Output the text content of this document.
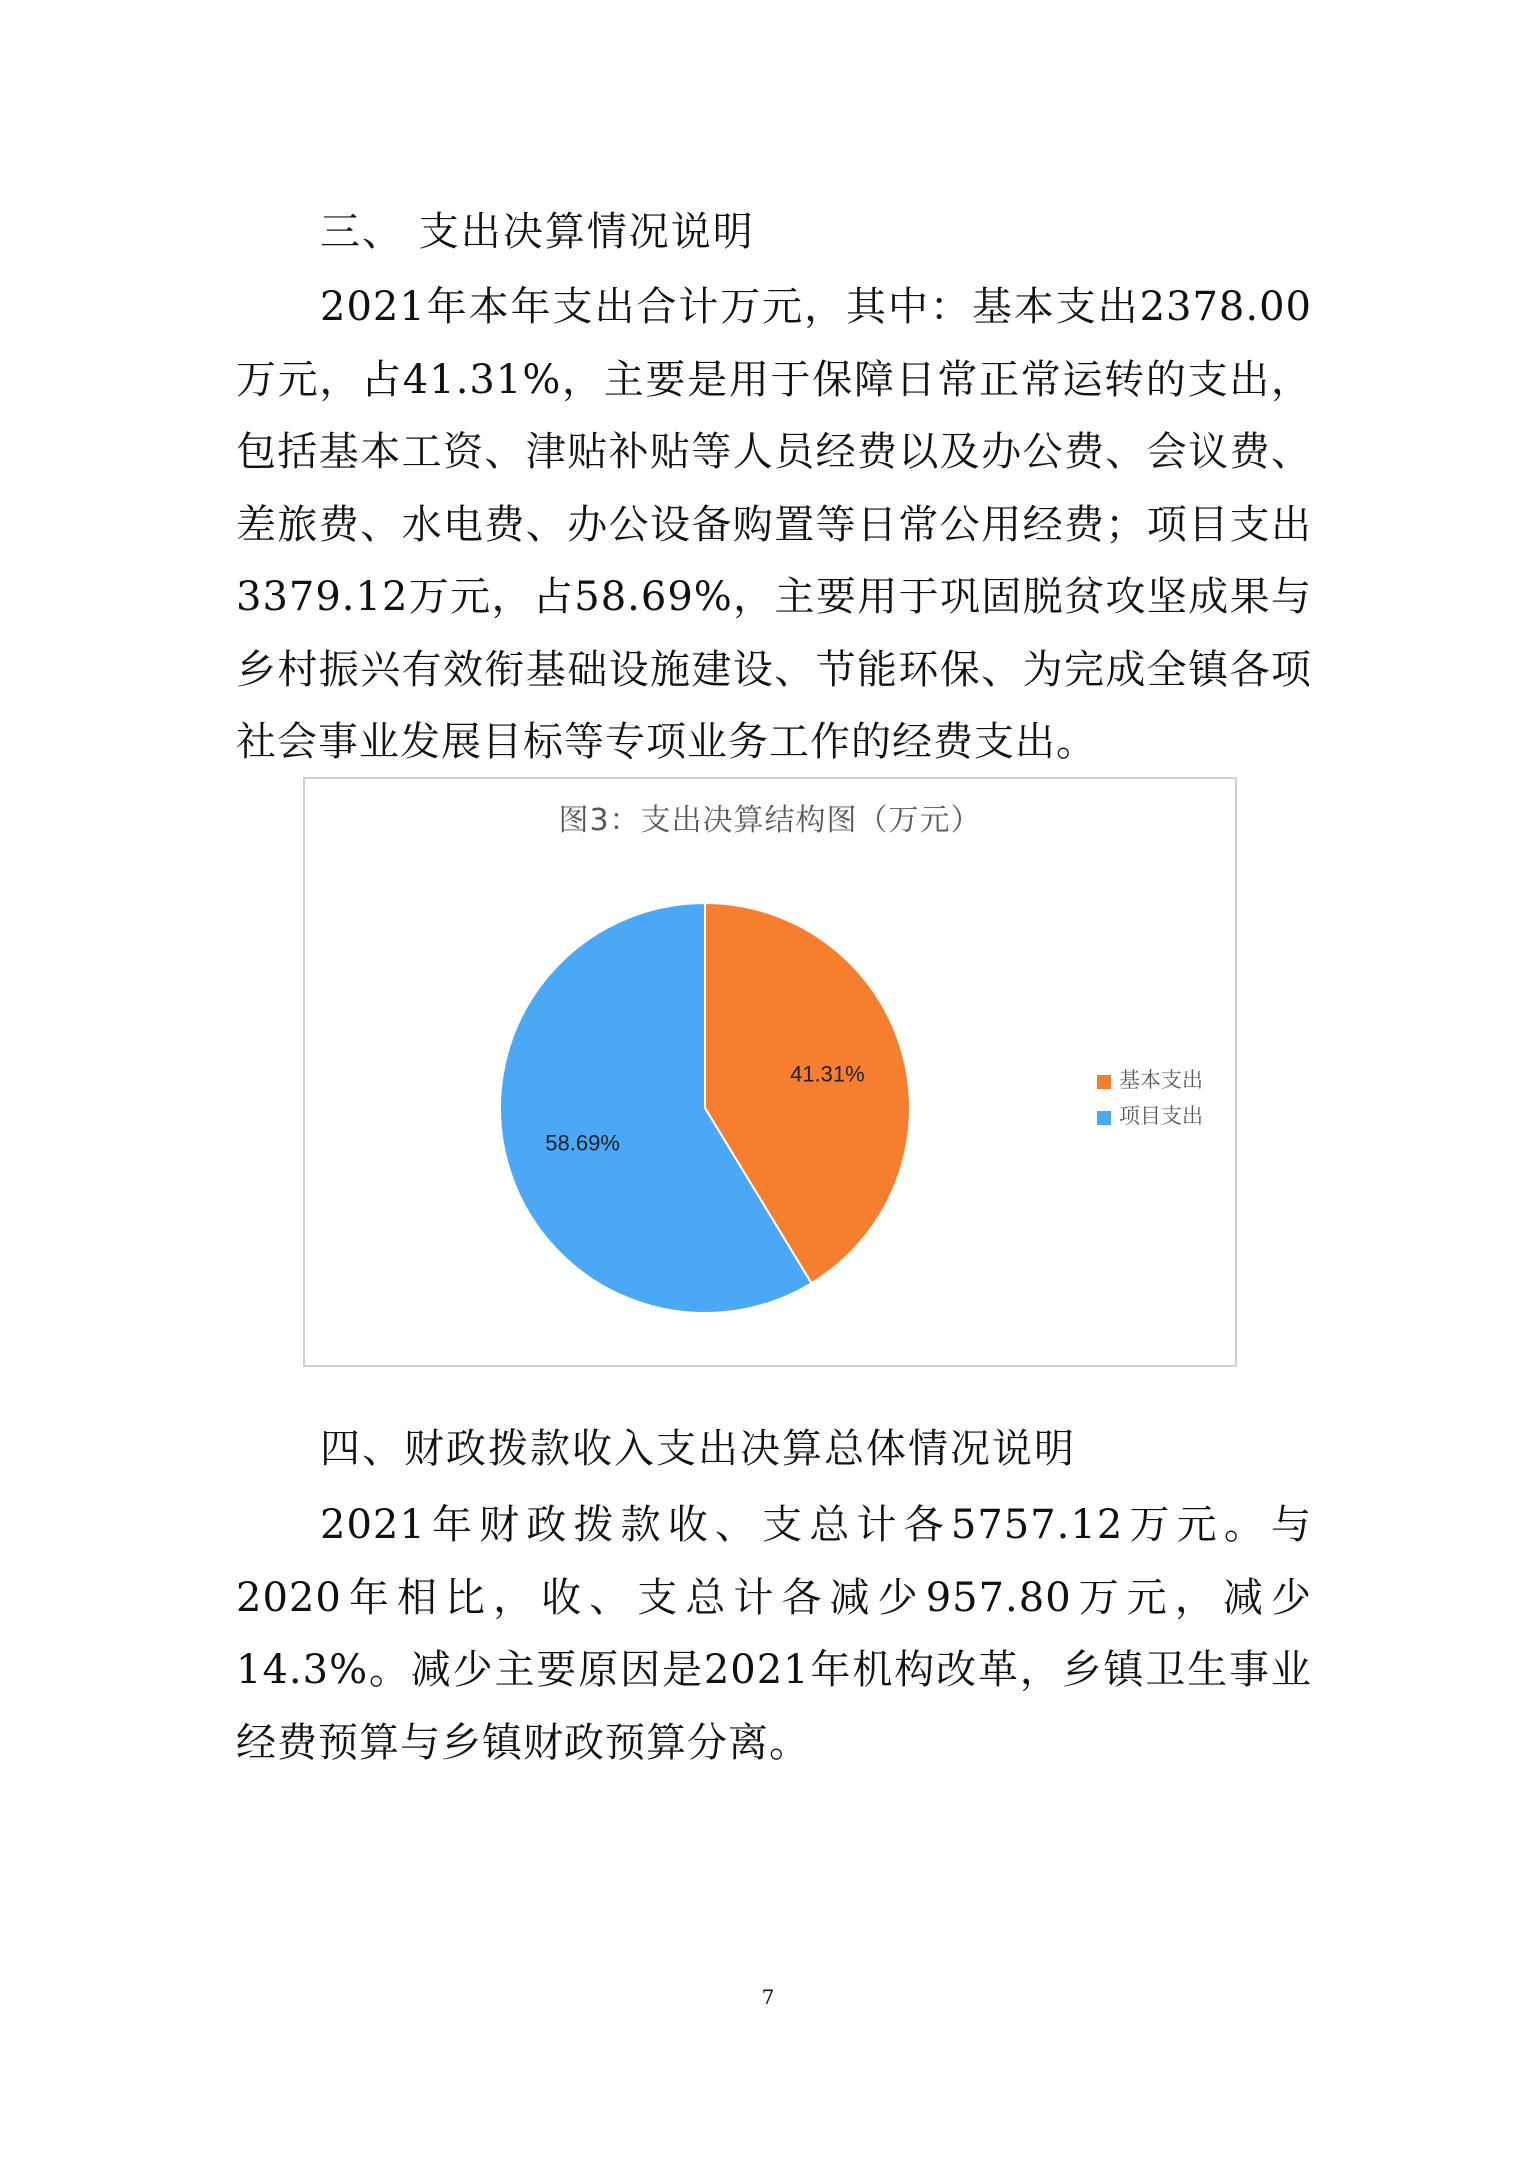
三、 支出决算情况说明

2021年本年支出合计万元，其中：基本支出2378.00万元，占41.31%，主要是用于保障日常正常运转的支出，包括基本工资、津贴补贴等人员经费以及办公费、会议费、差旅费、水电费、办公设备购置等日常公用经费；项目支出3379.12万元，占58.69%，主要用于巩固脱贫攻坚成果与乡村振兴有效衔基础设施建设、节能环保、为完成全镇各项社会事业发展目标等专项业务工作的经费支出。

图3：支出决算结构图（万元）
41.31%
58.69%
基本支出
项目支出
四、财政拨款收入支出决算总体情况说明

2021年财政拨款收、支总计各5757.12万元。与2020年相比，收、支总计各减少957.80万元，减少14.3%。减少主要原因是2021年机构改革，乡镇卫生事业经费预算与乡镇财政预算分离。

7
